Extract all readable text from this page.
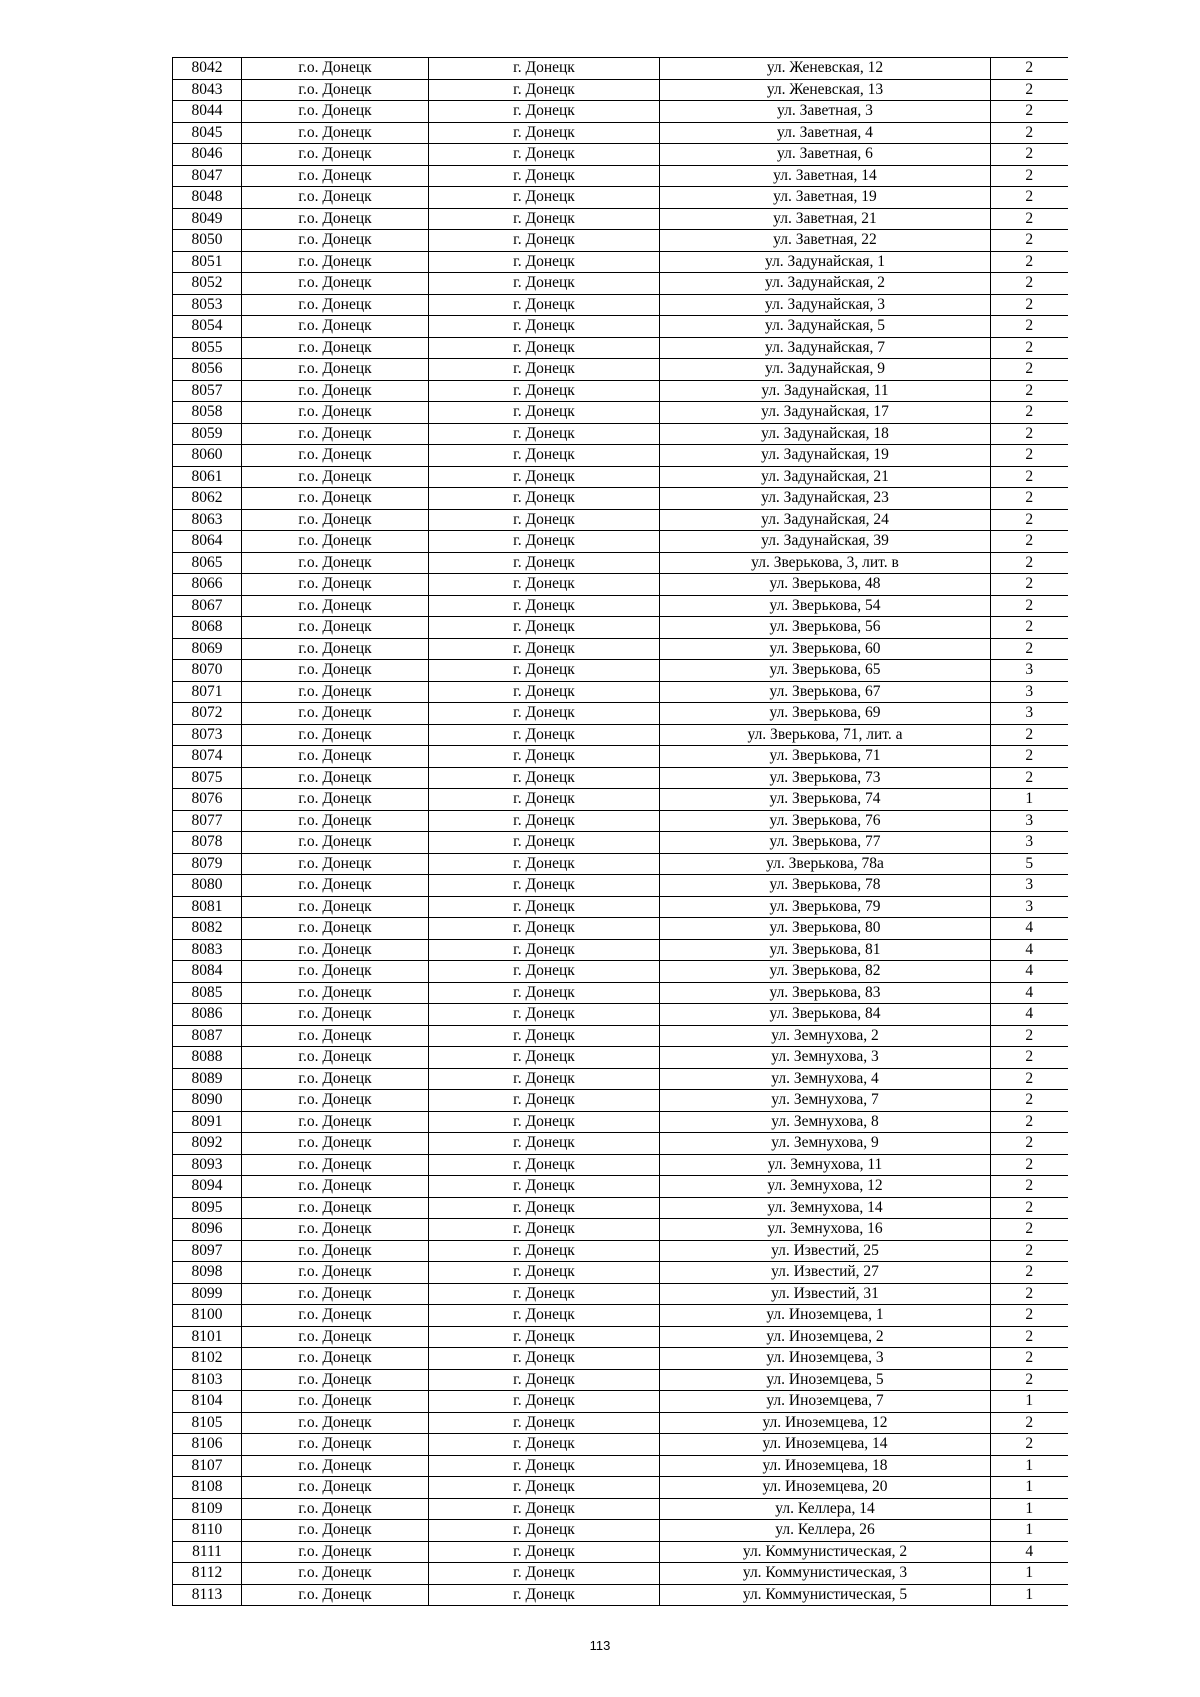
8042	г.о. Донецк	г. Донецк	ул. Женевская, 12	2
8043	г.о. Донецк	г. Донецк	ул. Женевская, 13	2
8044	г.о. Донецк	г. Донецк	ул. Заветная, 3	2
8045	г.о. Донецк	г. Донецк	ул. Заветная, 4	2
8046	г.о. Донецк	г. Донецк	ул. Заветная, 6	2
8047	г.о. Донецк	г. Донецк	ул. Заветная, 14	2
8048	г.о. Донецк	г. Донецк	ул. Заветная, 19	2
8049	г.о. Донецк	г. Донецк	ул. Заветная, 21	2
8050	г.о. Донецк	г. Донецк	ул. Заветная, 22	2
8051	г.о. Донецк	г. Донецк	ул. Задунайская, 1	2
8052	г.о. Донецк	г. Донецк	ул. Задунайская, 2	2
8053	г.о. Донецк	г. Донецк	ул. Задунайская, 3	2
8054	г.о. Донецк	г. Донецк	ул. Задунайская, 5	2
8055	г.о. Донецк	г. Донецк	ул. Задунайская, 7	2
8056	г.о. Донецк	г. Донецк	ул. Задунайская, 9	2
8057	г.о. Донецк	г. Донецк	ул. Задунайская, 11	2
8058	г.о. Донецк	г. Донецк	ул. Задунайская, 17	2
8059	г.о. Донецк	г. Донецк	ул. Задунайская, 18	2
8060	г.о. Донецк	г. Донецк	ул. Задунайская, 19	2
8061	г.о. Донецк	г. Донецк	ул. Задунайская, 21	2
8062	г.о. Донецк	г. Донецк	ул. Задунайская, 23	2
8063	г.о. Донецк	г. Донецк	ул. Задунайская, 24	2
8064	г.о. Донецк	г. Донецк	ул. Задунайская, 39	2
8065	г.о. Донецк	г. Донецк	ул. Зверькова, 3, лит. в	2
8066	г.о. Донецк	г. Донецк	ул. Зверькова, 48	2
8067	г.о. Донецк	г. Донецк	ул. Зверькова, 54	2
8068	г.о. Донецк	г. Донецк	ул. Зверькова, 56	2
8069	г.о. Донецк	г. Донецк	ул. Зверькова, 60	2
8070	г.о. Донецк	г. Донецк	ул. Зверькова, 65	3
8071	г.о. Донецк	г. Донецк	ул. Зверькова, 67	3
8072	г.о. Донецк	г. Донецк	ул. Зверькова, 69	3
8073	г.о. Донецк	г. Донецк	ул. Зверькова, 71, лит. а	2
8074	г.о. Донецк	г. Донецк	ул. Зверькова, 71	2
8075	г.о. Донецк	г. Донецк	ул. Зверькова, 73	2
8076	г.о. Донецк	г. Донецк	ул. Зверькова, 74	1
8077	г.о. Донецк	г. Донецк	ул. Зверькова, 76	3
8078	г.о. Донецк	г. Донецк	ул. Зверькова, 77	3
8079	г.о. Донецк	г. Донецк	ул. Зверькова, 78а	5
8080	г.о. Донецк	г. Донецк	ул. Зверькова, 78	3
8081	г.о. Донецк	г. Донецк	ул. Зверькова, 79	3
8082	г.о. Донецк	г. Донецк	ул. Зверькова, 80	4
8083	г.о. Донецк	г. Донецк	ул. Зверькова, 81	4
8084	г.о. Донецк	г. Донецк	ул. Зверькова, 82	4
8085	г.о. Донецк	г. Донецк	ул. Зверькова, 83	4
8086	г.о. Донецк	г. Донецк	ул. Зверькова, 84	4
8087	г.о. Донецк	г. Донецк	ул. Земнухова, 2	2
8088	г.о. Донецк	г. Донецк	ул. Земнухова, 3	2
8089	г.о. Донецк	г. Донецк	ул. Земнухова, 4	2
8090	г.о. Донецк	г. Донецк	ул. Земнухова, 7	2
8091	г.о. Донецк	г. Донецк	ул. Земнухова, 8	2
8092	г.о. Донецк	г. Донецк	ул. Земнухова, 9	2
8093	г.о. Донецк	г. Донецк	ул. Земнухова, 11	2
8094	г.о. Донецк	г. Донецк	ул. Земнухова, 12	2
8095	г.о. Донецк	г. Донецк	ул. Земнухова, 14	2
8096	г.о. Донецк	г. Донецк	ул. Земнухова, 16	2
8097	г.о. Донецк	г. Донецк	ул. Известий, 25	2
8098	г.о. Донецк	г. Донецк	ул. Известий, 27	2
8099	г.о. Донецк	г. Донецк	ул. Известий, 31	2
8100	г.о. Донецк	г. Донецк	ул. Иноземцева, 1	2
8101	г.о. Донецк	г. Донецк	ул. Иноземцева, 2	2
8102	г.о. Донецк	г. Донецк	ул. Иноземцева, 3	2
8103	г.о. Донецк	г. Донецк	ул. Иноземцева, 5	2
8104	г.о. Донецк	г. Донецк	ул. Иноземцева, 7	1
8105	г.о. Донецк	г. Донецк	ул. Иноземцева, 12	2
8106	г.о. Донецк	г. Донецк	ул. Иноземцева, 14	2
8107	г.о. Донецк	г. Донецк	ул. Иноземцева, 18	1
8108	г.о. Донецк	г. Донецк	ул. Иноземцева, 20	1
8109	г.о. Донецк	г. Донецк	ул. Келлера, 14	1
8110	г.о. Донецк	г. Донецк	ул. Келлера, 26	1
8111	г.о. Донецк	г. Донецк	ул. Коммунистическая, 2	4
8112	г.о. Донецк	г. Донецк	ул. Коммунистическая, 3	1
8113	г.о. Донецк	г. Донецк	ул. Коммунистическая, 5	1
113
